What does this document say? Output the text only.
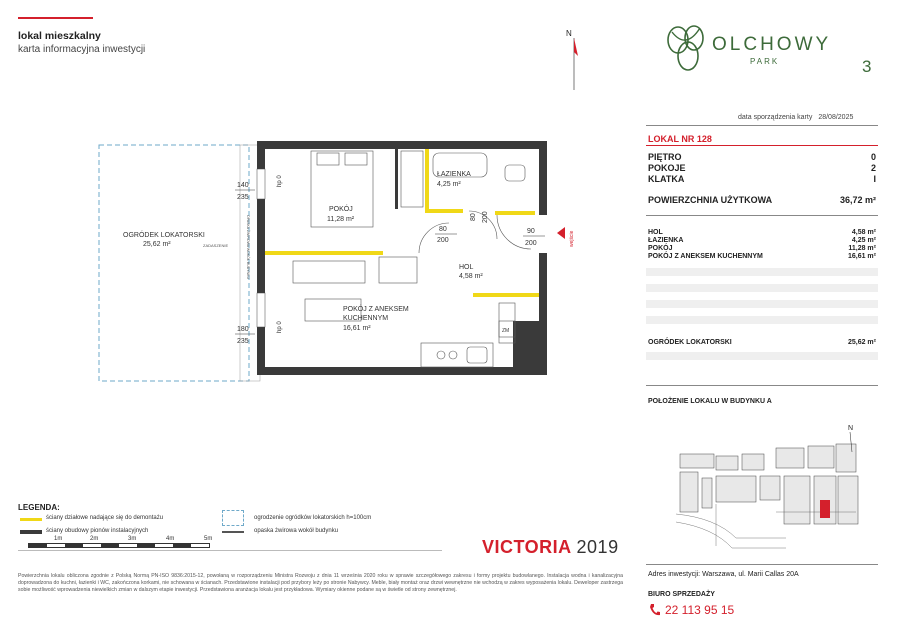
lokal mieszkalny
karta informacyjna inwestycji
N
OLCHOWY
PARK	3
data sporządzenia karty 28/08/2025
LOKAL NR 128
PIĘTRO	0
POKOJE	2
KLATKA	I
POWIERZCHNIA UŻYTKOWA	36,72 m²
HOL	4,58 m²
ŁAZIENKA	4,25 m²
POKÓJ	11,28 m²
POKÓJ Z ANEKSEM KUCHENNYM	16,61 m²
OGRÓDEK LOKATORSKI	25,62 m²
POŁOŻENIE LOKALU W BUDYNKU A
N
Adres inwestycji: Warszawa, ul. Marii Callas 20A
BIURO SPRZEDAŻY
22 113 95 15
OGRÓDEK LOKATORSKI
25,62 m²	ZADASZENIE	OPASKA ŻWIROWA WOKÓŁ BUDYNKU
ZM
POKÓJ
11,28 m²
ŁAZIENKA
4,25 m²
HOL
4,58 m²
POKÓJ Z ANEKSEM
KUCHENNYM
16,61 m²
140
235
180
235
hp 0
hp 0
80
200
80 200
90
200	wejście
LEGENDA:
ściany działowe nadające się do demontażu
ściany obudowy pionów instalacyjnych
ogrodzenie ogródków lokatorskich h=100cm
opaska żwirowa wokół budynku
1m	2m	3m	4m	5m	VICTORIA 2019
Powierzchnia lokalu obliczona zgodnie z Polską Normą PN-ISO 9836:2015-12, powołaną w rozporządzeniu Ministra Rozwoju z dnia 11 września 2020 roku w sprawie szczegółowego zakresu i formy projektu budowlanego. Instalacja wodna i kanalizacyjna doprowadzona do kuchni, łazienki i WC, zakończona korkami, nie schowana w ścianach. Przedstawione instalacji pod przybory leży po stronie Nabywcy. Meble, biały montaż oraz drzwi wewnętrzne nie wchodzą w zakres wyposażenia lokalu. Deweloper zastrzega sobie możliwość wprowadzenia niewielkich zmian w dalszym etapie inwestycji. Przedstawiona aranżacja lokalu jest przykładowa. Wymiary okienne podane są w świetle od strony zewnętrznej.
